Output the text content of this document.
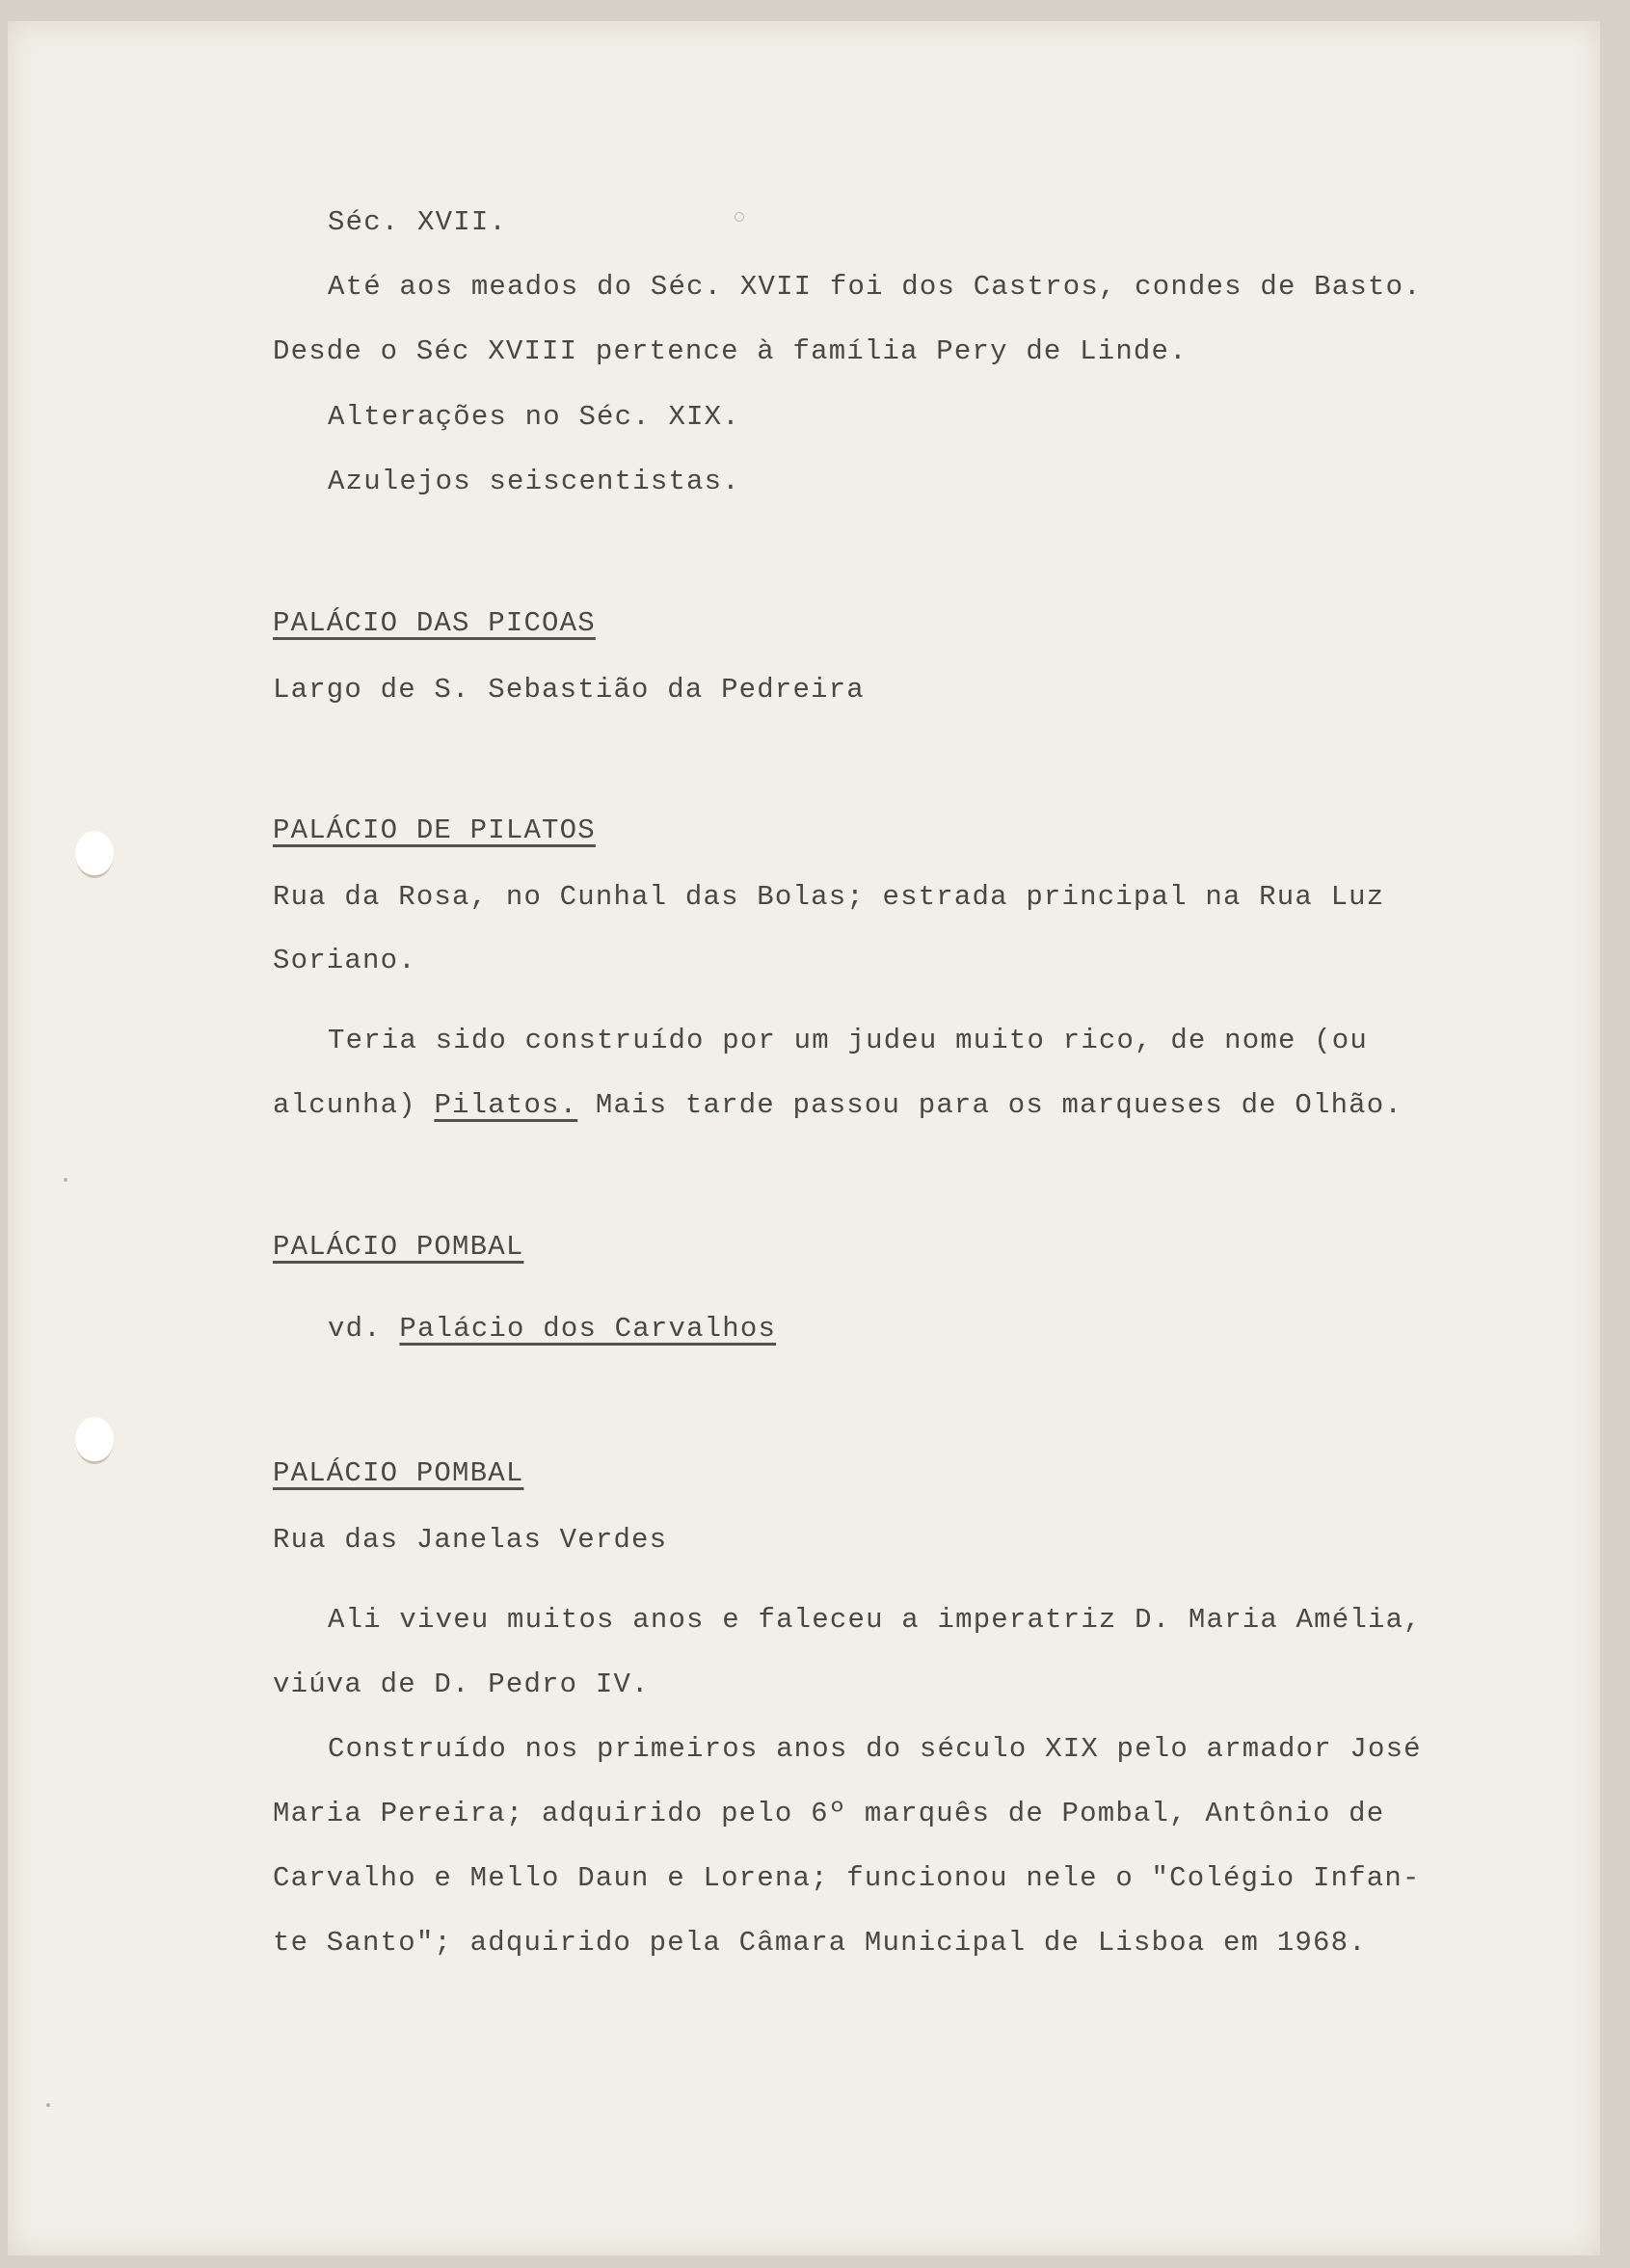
Séc. XVII.
Até aos meados do Séc. XVII foi dos Castros, condes de Basto.
Desde o Séc XVIII pertence à família Pery de Linde.
Alterações no Séc. XIX.
Azulejos seiscentistas.
PALÁCIO DAS PICOAS
Largo de S. Sebastião da Pedreira
PALÁCIO DE PILATOS
Rua da Rosa, no Cunhal das Bolas; estrada principal na Rua Luz
Soriano.
Teria sido construído por um judeu muito rico, de nome (ou
alcunha) Pilatos. Mais tarde passou para os marqueses de Olhão.
PALÁCIO POMBAL
vd. Palácio dos Carvalhos
PALÁCIO POMBAL
Rua das Janelas Verdes
Ali viveu muitos anos e faleceu a imperatriz D. Maria Amélia,
viúva de D. Pedro IV.
Construído nos primeiros anos do século XIX pelo armador José
Maria Pereira; adquirido pelo 6º marquês de Pombal, Antônio de
Carvalho e Mello Daun e Lorena; funcionou nele o "Colégio Infan-
te Santo"; adquirido pela Câmara Municipal de Lisboa em 1968.
